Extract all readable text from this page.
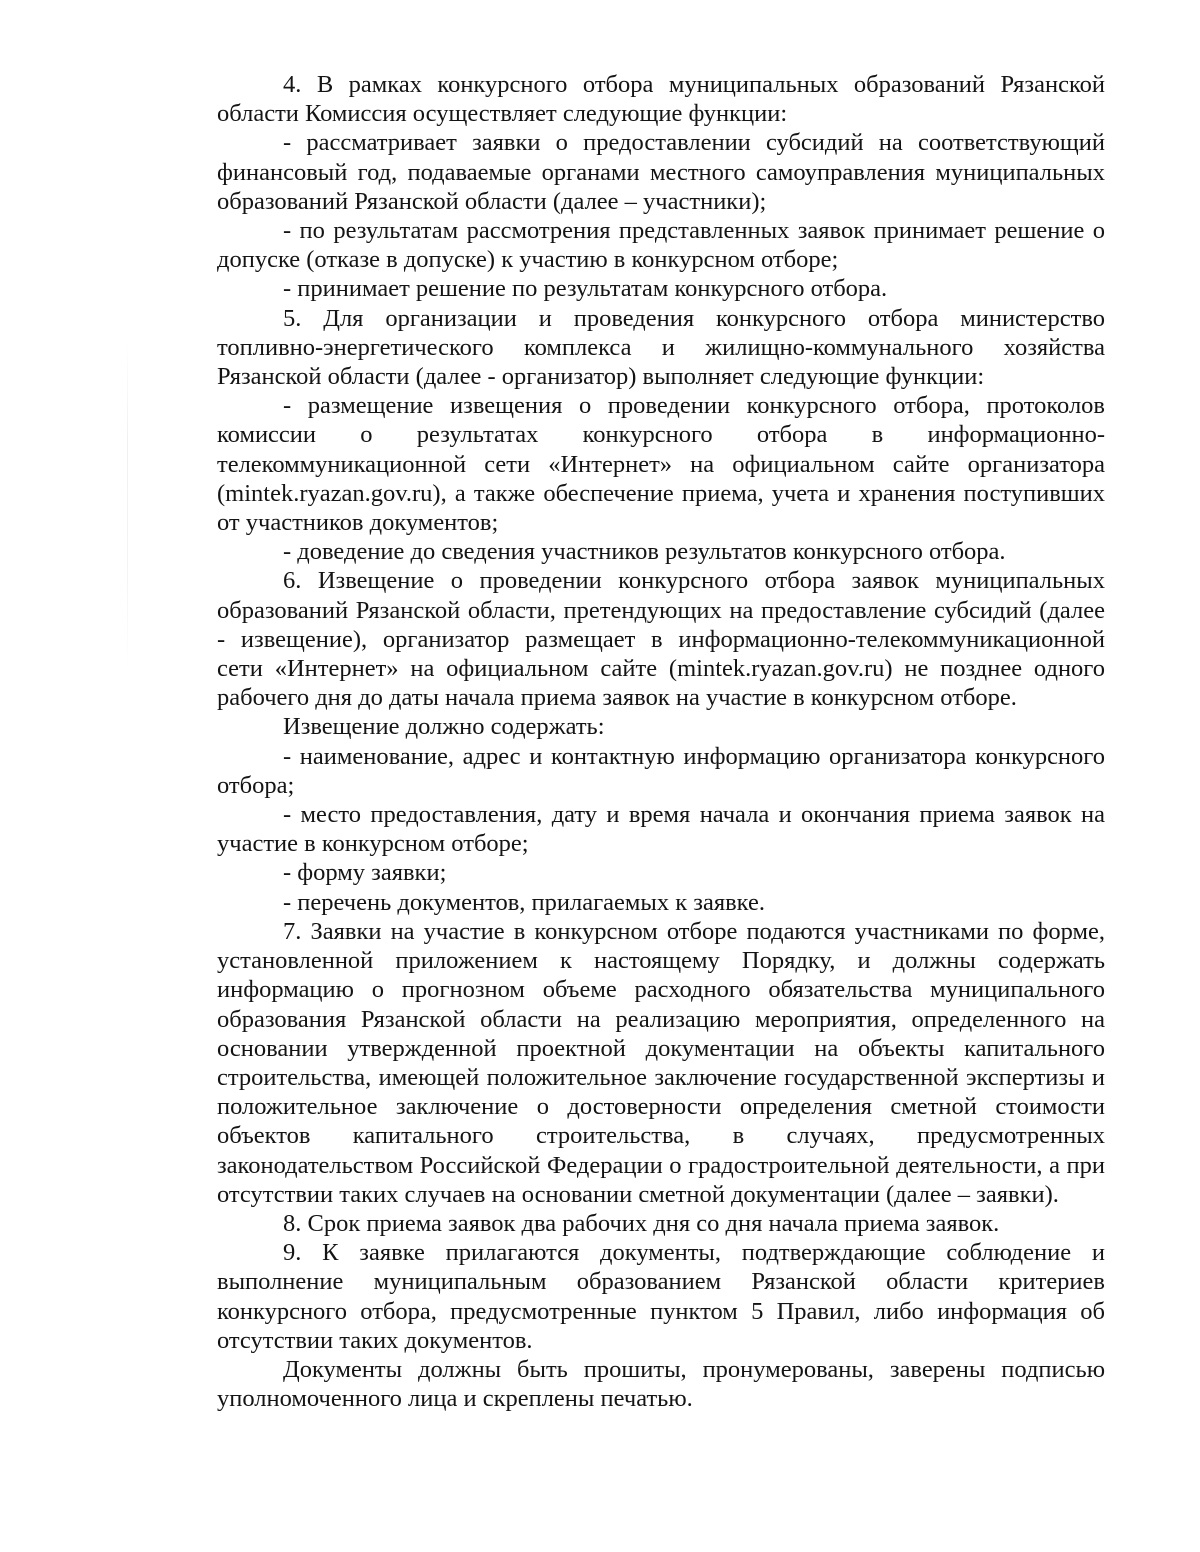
4. В рамках конкурсного отбора муниципальных образований Рязанской области Комиссия осуществляет следующие функции:

- рассматривает заявки о предоставлении субсидий на соответствующий финансовый год, подаваемые органами местного самоуправления муниципальных образований Рязанской области (далее – участники);

- по результатам рассмотрения представленных заявок принимает решение о допуске (отказе в допуске) к участию в конкурсном отборе;

- принимает решение по результатам конкурсного отбора.

5. Для организации и проведения конкурсного отбора министерство топливно-энергетического комплекса и жилищно-коммунального хозяйства Рязанской области (далее - организатор) выполняет следующие функции:

- размещение извещения о проведении конкурсного отбора, протоколов комиссии о результатах конкурсного отбора в информационно-телекоммуникационной сети «Интернет» на официальном сайте организатора (mintek.ryazan.gov.ru), а также обеспечение приема, учета и хранения поступивших от участников документов;

- доведение до сведения участников результатов конкурсного отбора.

6. Извещение о проведении конкурсного отбора заявок муниципальных образований Рязанской области, претендующих на предоставление субсидий (далее - извещение), организатор размещает в информационно-телекоммуникационной сети «Интернет» на официальном сайте (mintek.ryazan.gov.ru) не позднее одного рабочего дня до даты начала приема заявок на участие в конкурсном отборе.

Извещение должно содержать:

- наименование, адрес и контактную информацию организатора конкурсного отбора;

- место предоставления, дату и время начала и окончания приема заявок на участие в конкурсном отборе;

- форму заявки;

- перечень документов, прилагаемых к заявке.

7. Заявки на участие в конкурсном отборе подаются участниками по форме, установленной приложением к настоящему Порядку, и должны содержать информацию о прогнозном объеме расходного обязательства муниципального образования Рязанской области на реализацию мероприятия, определенного на основании утвержденной проектной документации на объекты капитального строительства, имеющей положительное заключение государственной экспертизы и положительное заключение о достоверности определения сметной стоимости объектов капитального строительства, в случаях, предусмотренных законодательством Российской Федерации о градостроительной деятельности, а при отсутствии таких случаев на основании сметной документации (далее – заявки).

8. Срок приема заявок два рабочих дня со дня начала приема заявок.

9. К заявке прилагаются документы, подтверждающие соблюдение и выполнение муниципальным образованием Рязанской области критериев конкурсного отбора, предусмотренные пунктом 5 Правил, либо информация об отсутствии таких документов.

Документы должны быть прошиты, пронумерованы, заверены подписью уполномоченного лица и скреплены печатью.
